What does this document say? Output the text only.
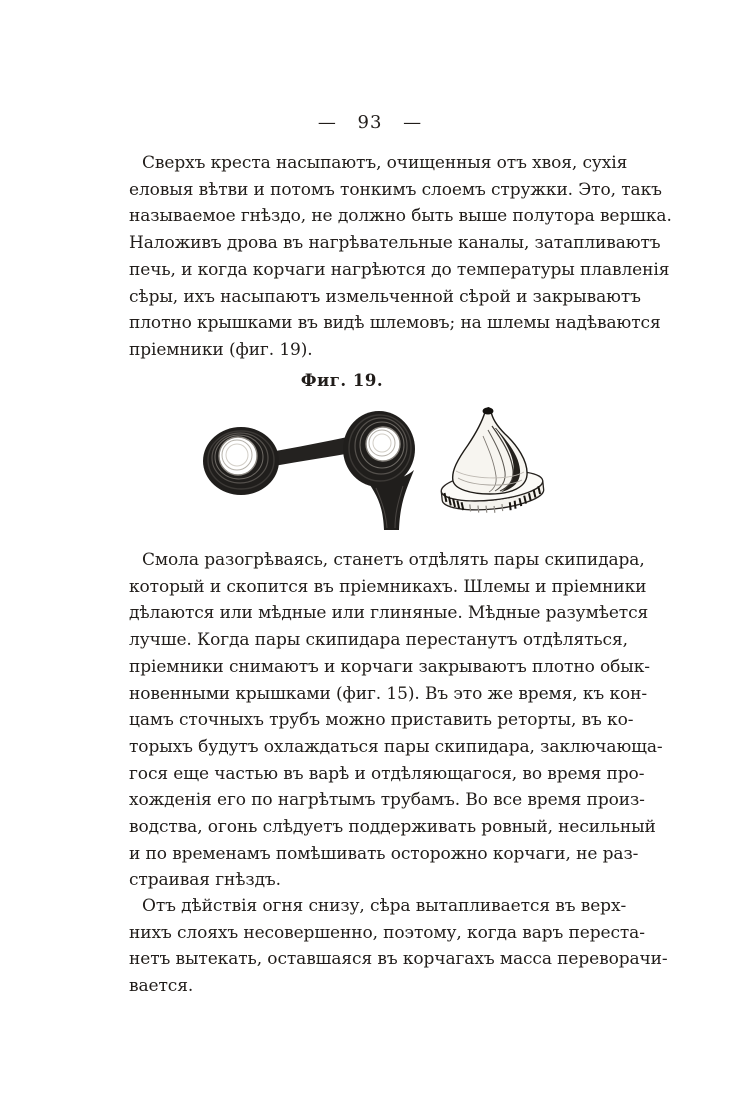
— 93 —
Сверхъ креста насыпаютъ, очищенныя отъ хвоя, сухія
еловыя вѣтви и потомъ тонкимъ слоемъ стружки. Это, такъ
называемое гнѣздо, не должно быть выше полутора вершка.
Наложивъ дрова въ нагрѣвательные каналы, затапливаютъ
печь, и когда корчаги нагрѣются до температуры плавленія
сѣры, ихъ насыпаютъ измельченной сѣрой и закрываютъ
плотно крышками въ видѣ шлемовъ; на шлемы надѣваются
пріемники (фиг. 19).
Фиг. 19.
Смола разогрѣваясь, станетъ отдѣлять пары скипидара,
который и скопится въ пріемникахъ. Шлемы и пріемники
дѣлаются или мѣдные или глиняные. Мѣдные разумѣется
лучше. Когда пары скипидара перестанутъ отдѣляться,
пріемники снимаютъ и корчаги закрываютъ плотно обык-
новенными крышками (фиг. 15). Въ это же время, къ кон-
цамъ сточныхъ трубъ можно приставить реторты, въ ко-
торыхъ будутъ охлаждаться пары скипидара, заключающа-
гося еще частью въ варѣ и отдѣляющагося, во время про-
хожденія его по нагрѣтымъ трубамъ. Во все время произ-
водства, огонь слѣдуетъ поддерживать ровный, несильный
и по временамъ помѣшивать осторожно корчаги, не раз-
страивая гнѣздъ.
Отъ дѣйствія огня снизу, сѣра вытапливается въ верх-
нихъ слояхъ несовершенно, поэтому, когда варъ переста-
нетъ вытекать, оставшаяся въ корчагахъ масса переворачи-
вается.
